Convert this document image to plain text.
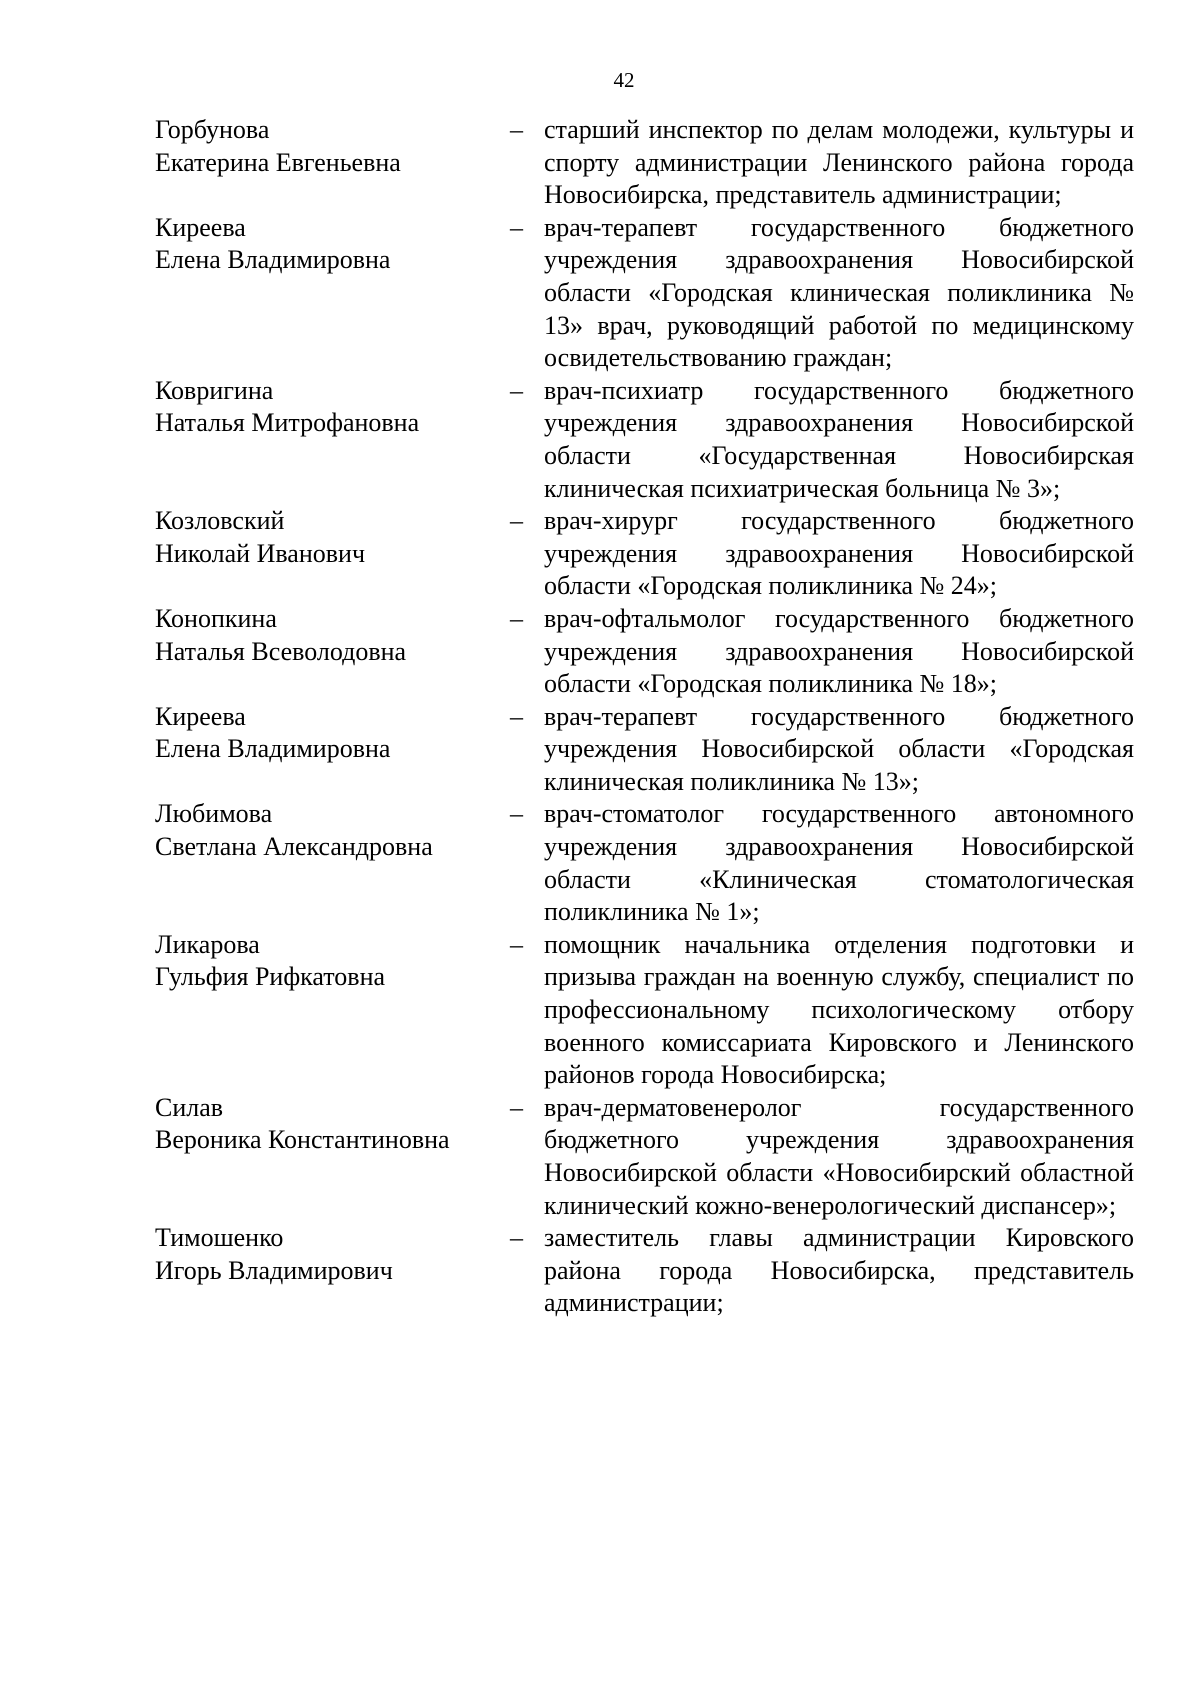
42
Горбунова
Екатерина Евгеньевна
– старший инспектор по делам молодежи, культуры и спорту администрации Ленинского района города Новосибирска, представитель администрации;
Киреева
Елена Владимировна
– врач-терапевт государственного бюджетного учреждения здравоохранения Новосибирской области «Городская клиническая поликлиника № 13» врач, руководящий работой по медицинскому освидетельствованию граждан;
Ковригина
Наталья Митрофановна
– врач-психиатр государственного бюджетного учреждения здравоохранения Новосибирской области «Государственная Новосибирская клиническая психиатрическая больница № 3»;
Козловский
Николай Иванович
– врач-хирург государственного бюджетного учреждения здравоохранения Новосибирской области «Городская поликлиника № 24»;
Конопкина
Наталья Всеволодовна
– врач-офтальмолог государственного бюджетного учреждения здравоохранения Новосибирской области «Городская поликлиника № 18»;
Киреева
Елена Владимировна
– врач-терапевт государственного бюджетного учреждения Новосибирской области «Городская клиническая поликлиника № 13»;
Любимова
Светлана Александровна
– врач-стоматолог государственного автономного учреждения здравоохранения Новосибирской области «Клиническая стоматологическая поликлиника № 1»;
Ликарова
Гульфия Рифкатовна
– помощник начальника отделения подготовки и призыва граждан на военную службу, специалист по профессиональному психологическому отбору военного комиссариата Кировского и Ленинского районов города Новосибирска;
Силав
Вероника Константиновна
– врач-дерматовенеролог государственного бюджетного учреждения здравоохранения Новосибирской области «Новосибирский областной клинический кожно-венерологический диспансер»;
Тимошенко
Игорь Владимирович
– заместитель главы администрации Кировского района города Новосибирска, представитель администрации;
